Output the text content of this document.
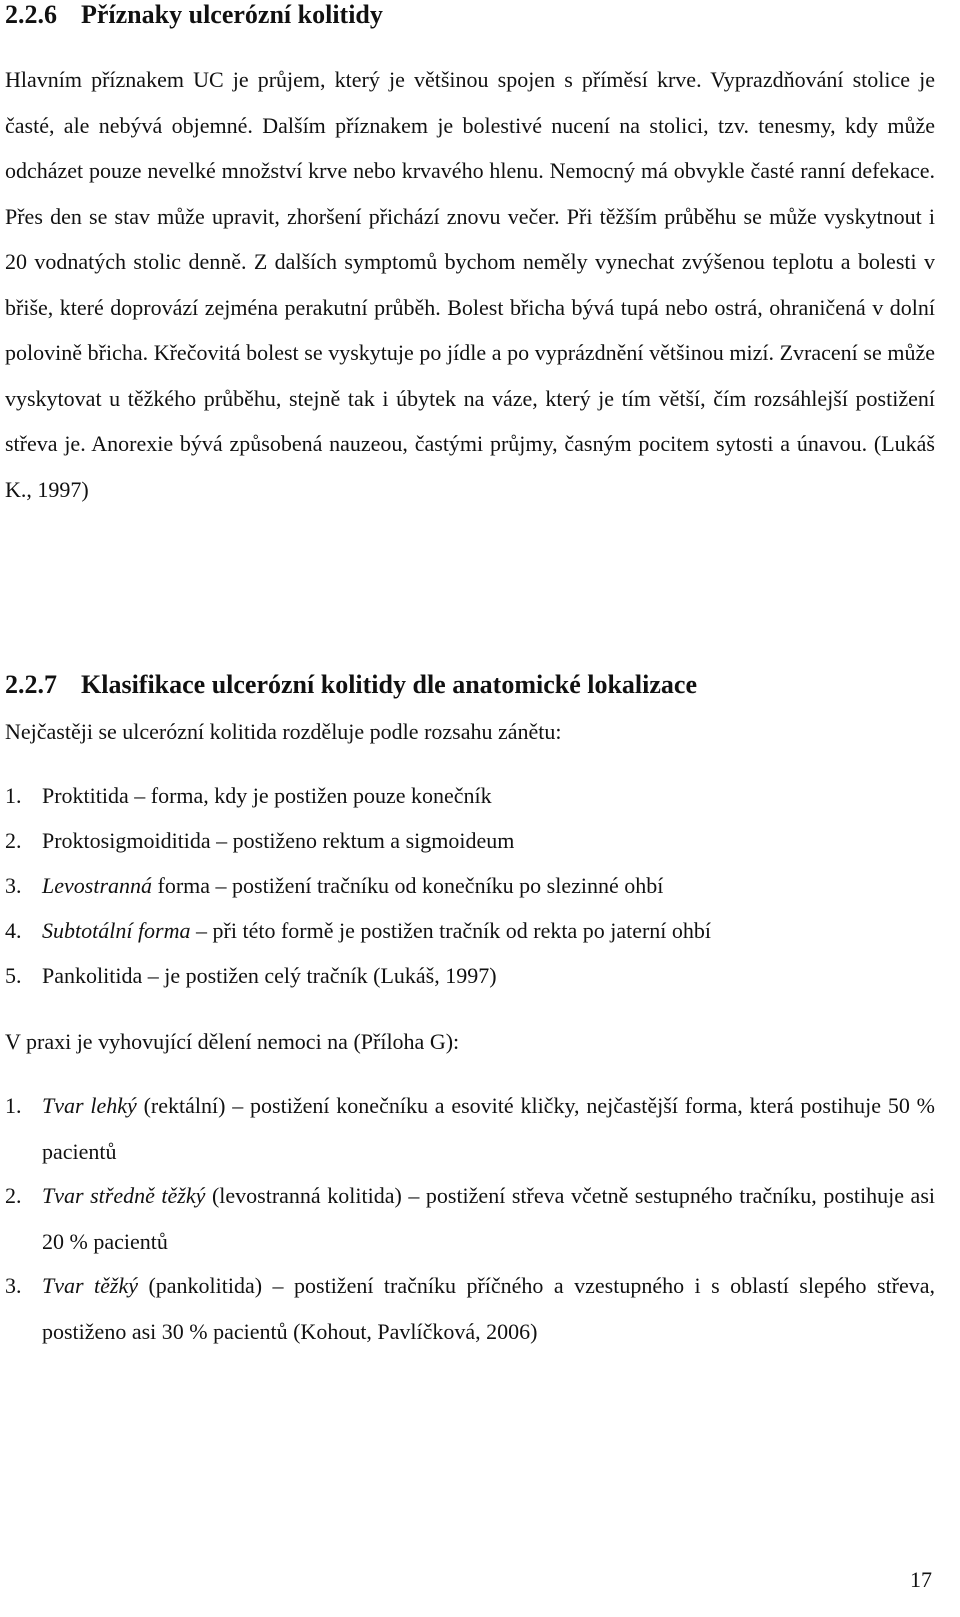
2.2.6 Příznaky ulcerózní kolitidy

Hlavním příznakem UC je průjem, který je většinou spojen s příměsí krve. Vyprazdňování stolice je časté, ale nebývá objemné. Dalším příznakem je bolestivé nucení na stolici, tzv. tenesmy, kdy může odcházet pouze nevelké množství krve nebo krvavého hlenu. Nemocný má obvykle časté ranní defekace. Přes den se stav může upravit, zhoršení přichází znovu večer. Při těžším průběhu se může vyskytnout i 20 vodnatých stolic denně. Z dalších symptomů bychom neměly vynechat zvýšenou teplotu a bolesti v břiše, které doprovází zejména perakutní průběh. Bolest břicha bývá tupá nebo ostrá, ohraničená v dolní polovině břicha. Křečovitá bolest se vyskytuje po jídle a po vyprázdnění většinou mizí. Zvracení se může vyskytovat u těžkého průběhu, stejně tak i úbytek na váze, který je tím větší, čím rozsáhlejší postižení střeva je. Anorexie bývá způsobená nauzeou, častými průjmy, časným pocitem sytosti a únavou. (Lukáš K., 1997)

2.2.7 Klasifikace ulcerózní kolitidy dle anatomické lokalizace

Nejčastěji se ulcerózní kolitida rozděluje podle rozsahu zánětu:

1. Proktitida – forma, kdy je postižen pouze konečník
2. Proktosigmoiditida – postiženo rektum a sigmoideum
3. Levostranná forma – postižení tračníku od konečníku po slezinné ohbí
4. Subtotální forma – při této formě je postižen tračník od rekta po jaterní ohbí
5. Pankolitida – je postižen celý tračník (Lukáš, 1997)

V praxi je vyhovující dělení nemoci na (Příloha G):

1. Tvar lehký (rektální) – postižení konečníku a esovité kličky, nejčastější forma, která postihuje 50 % pacientů
2. Tvar středně těžký (levostranná kolitida) – postižení střeva včetně sestupného tračníku, postihuje asi 20 % pacientů
3. Tvar těžký (pankolitida) – postižení tračníku příčného a vzestupného i s oblastí slepého střeva, postiženo asi 30 % pacientů (Kohout, Pavlíčková, 2006)
17
